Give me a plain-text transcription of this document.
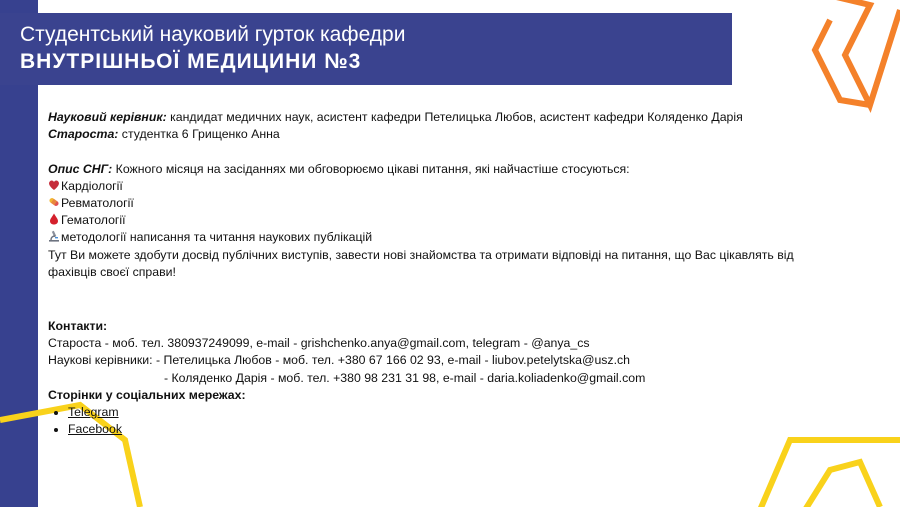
Студентський науковий гурток кафедри
ВНУТРІШНЬОЇ МЕДИЦИНИ №3

Науковий керівник: кандидат медичних наук, асистент кафедри Петелицька Любов, асистент кафедри Коляденко Дарія

Староста: студентка 6 Грищенко Анна

Опис СНГ: Кожного місяця на засіданнях ми обговорюємо цікаві питання, які найчастіше стосуються:

Кардіології

Ревматології

Гематології

методології написання та читання наукових публікацій

Тут Ви можете здобути досвід публічних виступів, завести нові знайомства та отримати відповіді на питання, що Вас цікавлять від фахівців своєї справи!

Контакти:

Староста - моб. тел. 380937249099, e-mail - grishchenko.anya@gmail.com, telegram - @anya_cs

Наукові керівники: - Петелицька Любов - моб. тел. +380 67 166 02 93, e-mail - liubov.petelytska@usz.ch

- Коляденко Дарія - моб. тел. +380 98 231 31 98, e-mail - daria.koliadenko@gmail.com

Сторінки у соціальних мережах:

• Telegram
• Facebook
